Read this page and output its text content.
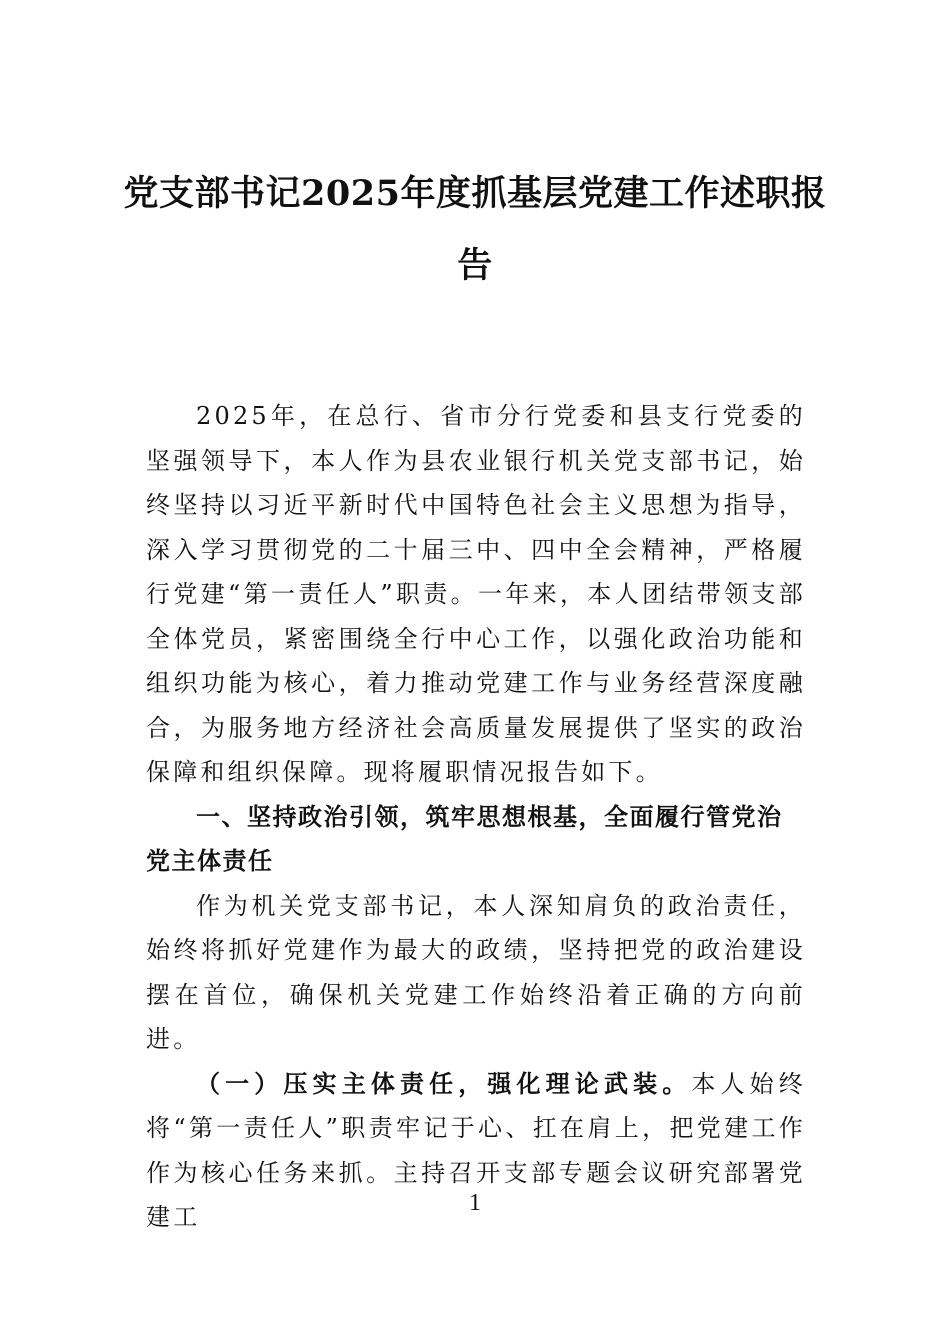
党支部书记2025年度抓基层党建工作述职报告

2025年，在总行、省市分行党委和县支行党委的坚强领导下，本人作为县农业银行机关党支部书记，始终坚持以习近平新时代中国特色社会主义思想为指导，深入学习贯彻党的二十届三中、四中全会精神，严格履行党建“第一责任人”职责。一年来，本人团结带领支部全体党员，紧密围绕全行中心工作，以强化政治功能和组织功能为核心，着力推动党建工作与业务经营深度融合，为服务地方经济社会高质量发展提供了坚实的政治保障和组织保障。现将履职情况报告如下。

一、坚持政治引领，筑牢思想根基，全面履行管党治党主体责任

作为机关党支部书记，本人深知肩负的政治责任，始终将抓好党建作为最大的政绩，坚持把党的政治建设摆在首位，确保机关党建工作始终沿着正确的方向前进。

（一）压实主体责任，强化理论武装。本人始终将“第一责任人”职责牢记于心、扛在肩上，把党建工作作为核心任务来抓。主持召开支部专题会议研究部署党建工	1
